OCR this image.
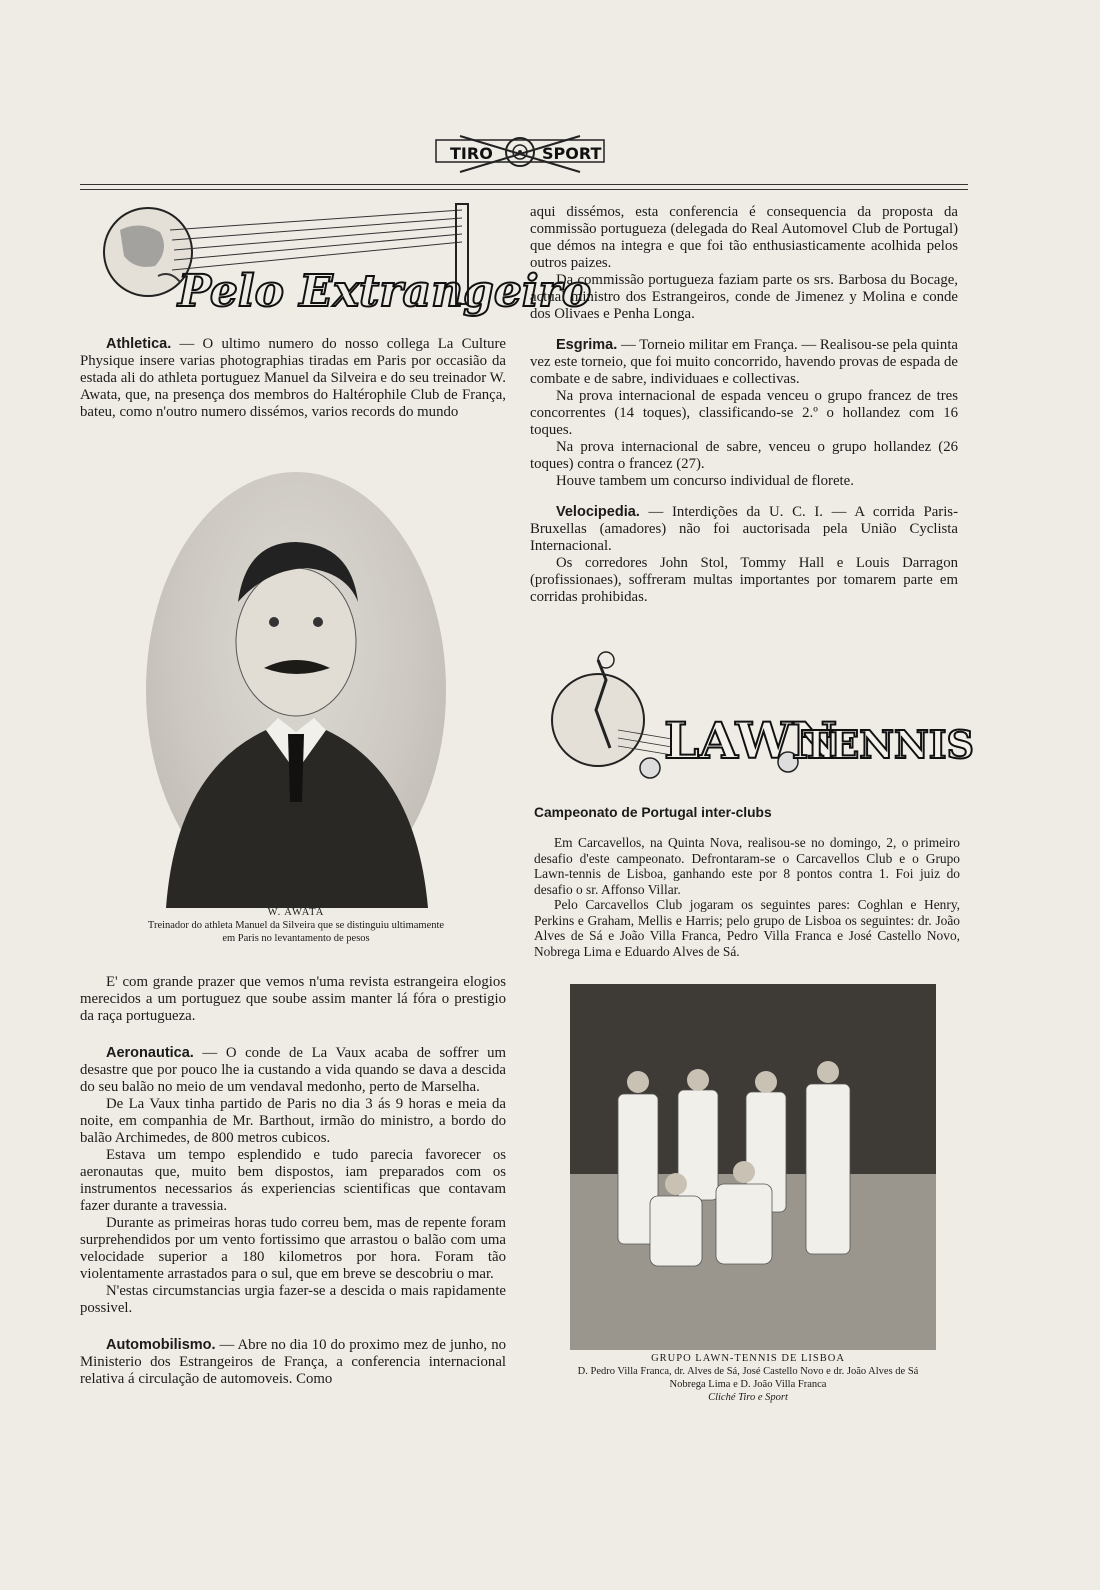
TIRO	SPORT
Pelo Extrangeiro

Athletica. — O ultimo numero do nosso collega La Culture Physique insere varias photographias tiradas em Paris por occasião da estada ali do athleta portuguez Manuel da Silveira e do seu treinador W. Awata, que, na presença dos membros do Haltérophile Club de França, bateu, como n'outro numero dissémos, varios records do mundo

W. AWATA
Treinador do athleta Manuel da Silveira que se distinguiu ultimamente
em Paris no levantamento de pesos

E' com grande prazer que vemos n'uma revista estrangeira elogios merecidos a um portuguez que soube assim manter lá fóra o prestigio da raça portugueza.

Aeronautica. — O conde de La Vaux acaba de soffrer um desastre que por pouco lhe ia custando a vida quando se dava a descida do seu balão no meio de um vendaval medonho, perto de Marselha.

De La Vaux tinha partido de Paris no dia 3 ás 9 horas e meia da noite, em companhia de Mr. Barthout, irmão do ministro, a bordo do balão Archimedes, de 800 metros cubicos.

Estava um tempo esplendido e tudo parecia favorecer os aeronautas que, muito bem dispostos, iam preparados com os instrumentos necessarios ás experiencias scientificas que contavam fazer durante a travessia.

Durante as primeiras horas tudo correu bem, mas de repente foram surprehendidos por um vento fortissimo que arrastou o balão com uma velocidade superior a 180 kilometros por hora. Foram tão violentamente arrastados para o sul, que em breve se descobriu o mar.

N'estas circumstancias urgia fazer-se a descida o mais rapidamente possivel.

Automobilismo. — Abre no dia 10 do proximo mez de junho, no Ministerio dos Estrangeiros de França, a conferencia internacional relativa á circulação de automoveis. Como

aqui dissémos, esta conferencia é consequencia da proposta da commissão portugueza (delegada do Real Automovel Club de Portugal) que démos na integra e que foi tão enthusiasticamente acolhida pelos outros paizes.

Da commissão portugueza faziam parte os srs. Barbosa du Bocage, actual ministro dos Estrangeiros, conde de Jimenez y Molina e conde dos Olivaes e Penha Longa.

Esgrima. — Torneio militar em França. — Realisou-se pela quinta vez este torneio, que foi muito concorrido, havendo provas de espada de combate e de sabre, individuaes e collectivas.

Na prova internacional de espada venceu o grupo francez de tres concorrentes (14 toques), classificando-se 2.º o hollandez com 16 toques.

Na prova internacional de sabre, venceu o grupo hollandez (26 toques) contra o francez (27).

Houve tambem um concurso individual de florete.

Velocipedia. — Interdições da U. C. I. — A corrida Paris-Bruxellas (amadores) não foi auctorisada pela União Cyclista Internacional.

Os corredores John Stol, Tommy Hall e Louis Darragon (profissionaes), soffreram multas importantes por tomarem parte em corridas prohibidas.

LAWN
TENNIS
Campeonato de Portugal inter-clubs

Em Carcavellos, na Quinta Nova, realisou-se no domingo, 2, o primeiro desafio d'este campeonato. Defrontaram-se o Carcavellos Club e o Grupo Lawn-tennis de Lisboa, ganhando este por 8 pontos contra 1. Foi juiz do desafio o sr. Affonso Villar.

Pelo Carcavellos Club jogaram os seguintes pares: Coghlan e Henry, Perkins e Graham, Mellis e Harris; pelo grupo de Lisboa os seguintes: dr. João Alves de Sá e João Villa Franca, Pedro Villa Franca e José Castello Novo, Nobrega Lima e Eduardo Alves de Sá.

GRUPO LAWN-TENNIS DE LISBOA
D. Pedro Villa Franca, dr. Alves de Sá, José Castello Novo e dr. João Alves de Sá
Nobrega Lima e D. João Villa Franca
Cliché Tiro e Sport
